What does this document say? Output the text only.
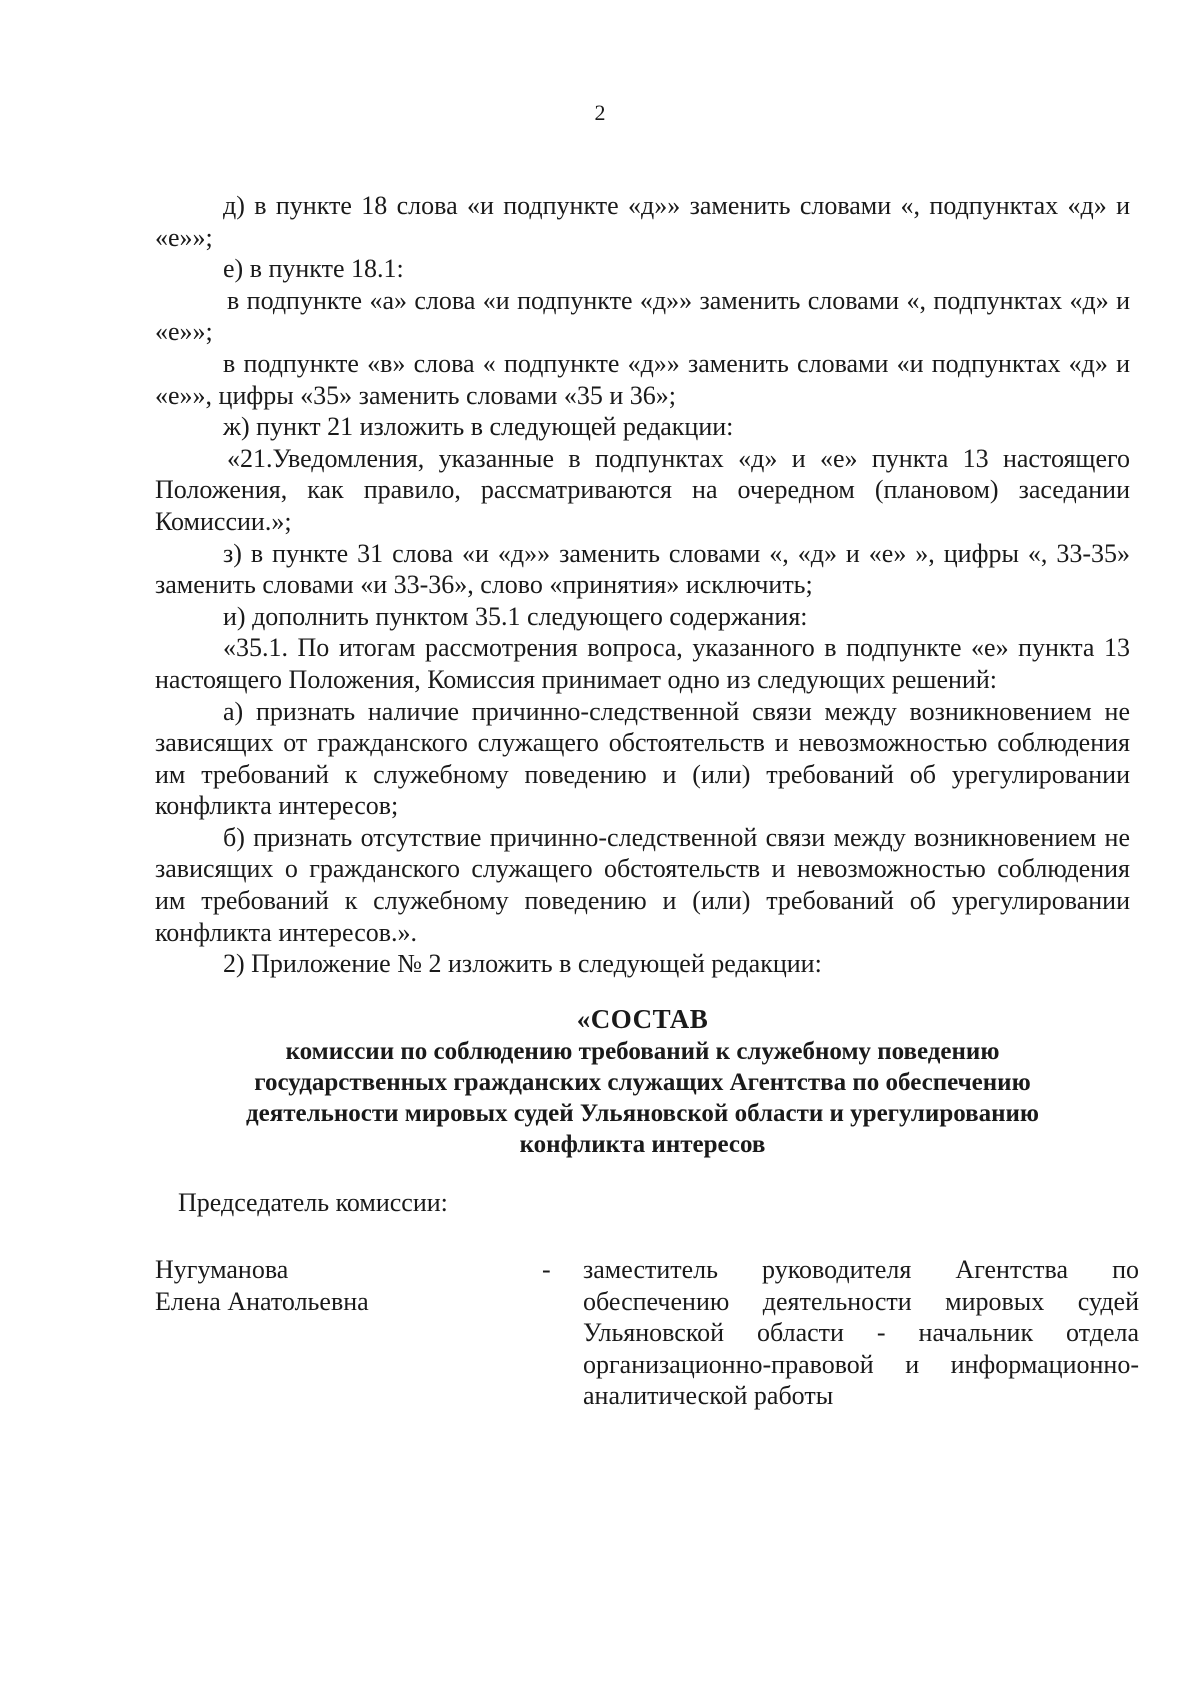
2

д) в пункте 18 слова «и подпункте «д»» заменить словами «, подпунктах «д» и «е»»;

е) в пункте 18.1:

в подпункте «а» слова «и подпункте «д»» заменить словами «, подпунктах «д» и «е»»;

в подпункте «в» слова « подпункте «д»» заменить словами «и подпунктах «д» и «е»», цифры «35» заменить словами «35 и 36»;

ж) пункт 21 изложить в следующей редакции:

«21.Уведомления, указанные в подпунктах «д» и «е» пункта 13 настоящего Положения, как правило, рассматриваются на очередном (плановом) заседании Комиссии.»;

з) в пункте 31 слова «и «д»» заменить словами «, «д» и «е» », цифры «, 33-35» заменить словами «и 33-36», слово «принятия» исключить;

и) дополнить пунктом 35.1 следующего содержания:

«35.1. По итогам рассмотрения вопроса, указанного в подпункте «е» пункта 13 настоящего Положения, Комиссия принимает одно из следующих решений:

а) признать наличие причинно-следственной связи между возникновением не зависящих от гражданского служащего обстоятельств и невозможностью соблюдения им требований к служебному поведению и (или) требований об урегулировании конфликта интересов;

б) признать отсутствие причинно-следственной связи между возникновением не зависящих о гражданского служащего обстоятельств и невозможностью соблюдения им требований к служебному поведению и (или) требований об урегулировании конфликта интересов.».

2) Приложение № 2 изложить в следующей редакции:

«СОСТАВ
комиссии по соблюдению требований к служебному поведению
государственных гражданских служащих Агентства по обеспечению
деятельности мировых судей Ульяновской области и урегулированию
конфликта интересов
Председатель комиссии:
Нугуманова
Елена Анатольевна
- заместитель руководителя Агентства по обеспечению деятельности мировых судей Ульяновской области - начальник отдела организационно-правовой и информационно-аналитической работы
